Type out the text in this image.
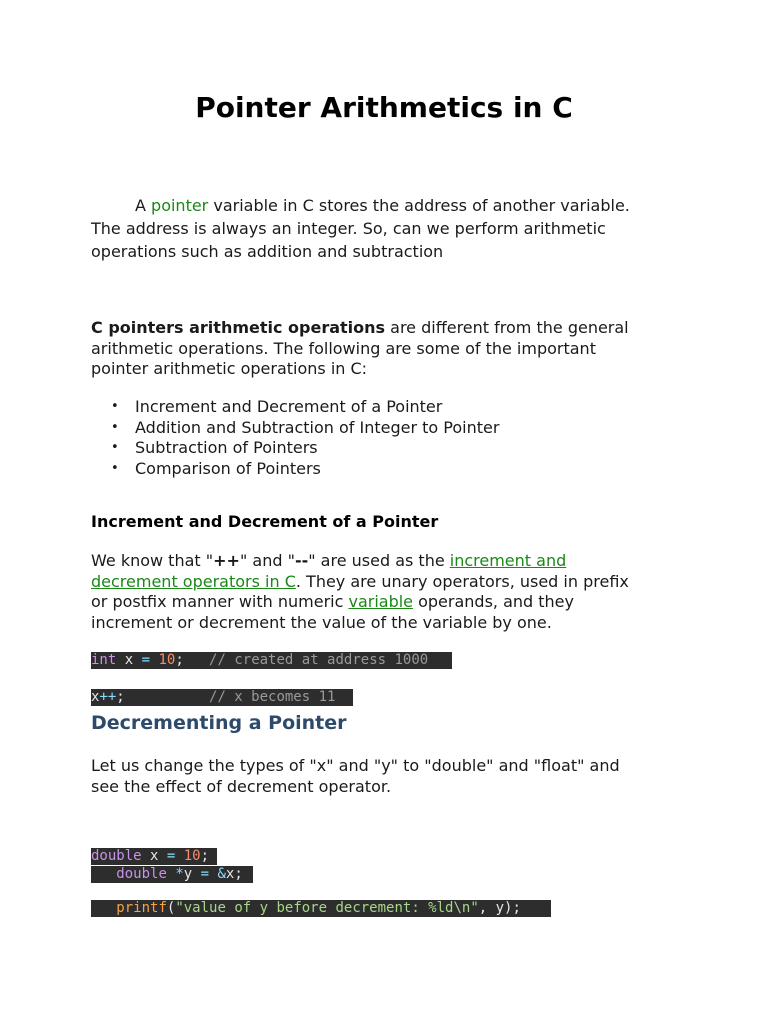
Pointer Arithmetics in C
A pointer variable in C stores the address of another variable.
The address is always an integer. So, can we perform arithmetic
operations such as addition and subtraction
C pointers arithmetic operations are different from the general
arithmetic operations. The following are some of the important
pointer arithmetic operations in C:
• Increment and Decrement of a Pointer
• Addition and Subtraction of Integer to Pointer
• Subtraction of Pointers
• Comparison of Pointers
Increment and Decrement of a Pointer
We know that "++" and "--" are used as the increment and
decrement operators in C. They are unary operators, used in prefix
or postfix manner with numeric variable operands, and they
increment or decrement the value of the variable by one.
int x = 10;   // created at address 1000
x++;          // x becomes 11
Decrementing a Pointer
Let us change the types of "x" and "y" to "double" and "float" and
see the effect of decrement operator.
double x = 10;
double *y = &x;
printf("value of y before decrement: %ld\n", y);
